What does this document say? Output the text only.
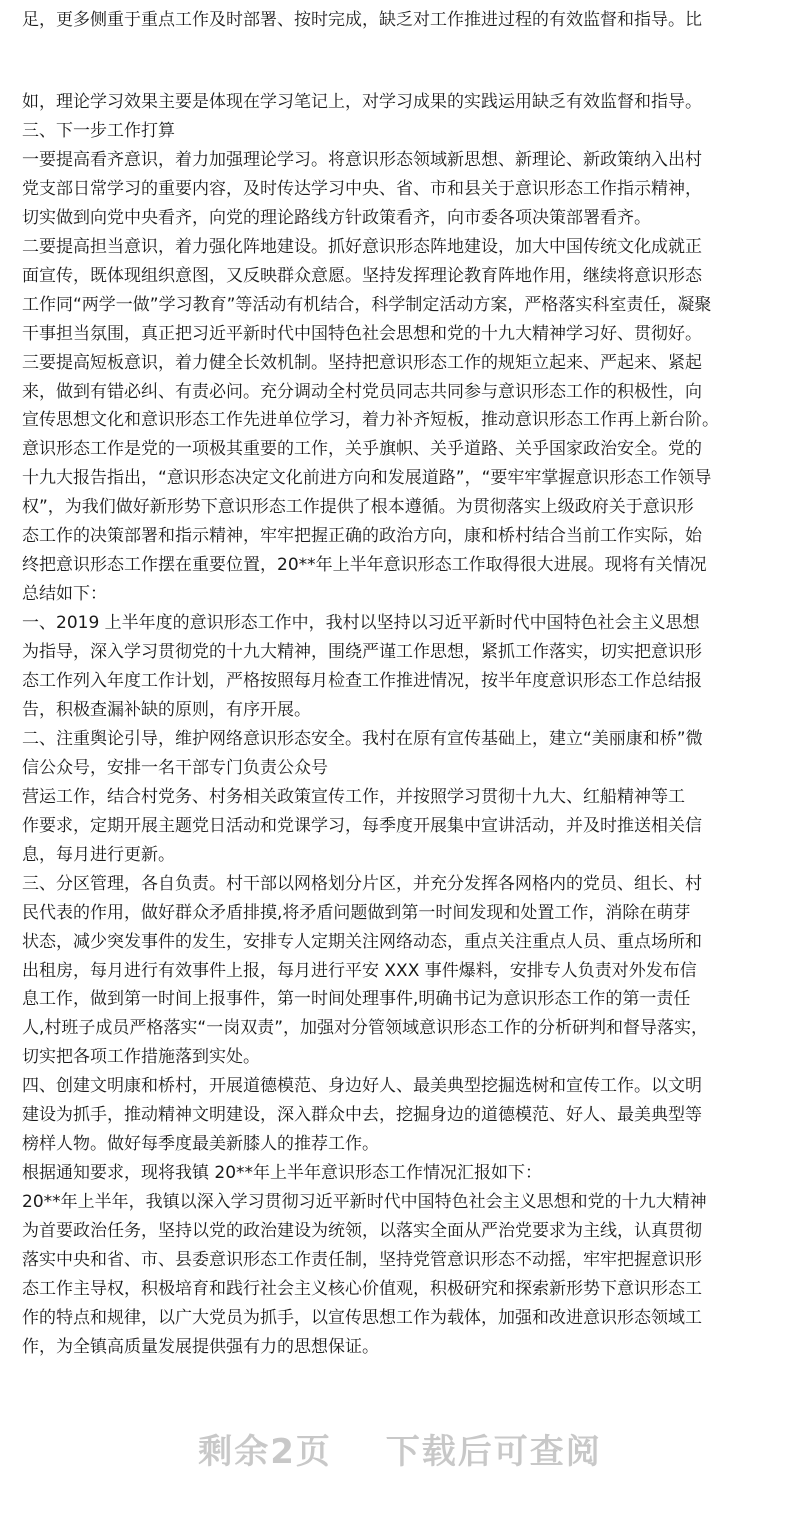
足，更多侧重于重点工作及时部署、按时完成，缺乏对工作推进过程的有效监督和指导。比
如，理论学习效果主要是体现在学习笔记上，对学习成果的实践运用缺乏有效监督和指导。
三、下一步工作打算
一要提高看齐意识，着力加强理论学习。将意识形态领域新思想、新理论、新政策纳入出村
党支部日常学习的重要内容，及时传达学习中央、省、市和县关于意识形态工作指示精神，
切实做到向党中央看齐，向党的理论路线方针政策看齐，向市委各项决策部署看齐。
二要提高担当意识，着力强化阵地建设。抓好意识形态阵地建设，加大中国传统文化成就正
面宣传，既体现组织意图，又反映群众意愿。坚持发挥理论教育阵地作用，继续将意识形态
工作同“两学一做”学习教育”等活动有机结合，科学制定活动方案，严格落实科室责任，凝聚
干事担当氛围，真正把习近平新时代中国特色社会思想和党的十九大精神学习好、贯彻好。
三要提高短板意识，着力健全长效机制。坚持把意识形态工作的规矩立起来、严起来、紧起
来，做到有错必纠、有责必问。充分调动全村党员同志共同参与意识形态工作的积极性，向
宣传思想文化和意识形态工作先进单位学习，着力补齐短板，推动意识形态工作再上新台阶。
意识形态工作是党的一项极其重要的工作，关乎旗帜、关乎道路、关乎国家政治安全。党的
十九大报告指出，“意识形态决定文化前进方向和发展道路”，“要牢牢掌握意识形态工作领导
权”，为我们做好新形势下意识形态工作提供了根本遵循。为贯彻落实上级政府关于意识形
态工作的决策部署和指示精神，牢牢把握正确的政治方向，康和桥村结合当前工作实际，始
终把意识形态工作摆在重要位置，20**年上半年意识形态工作取得很大进展。现将有关情况
总结如下：
一、2019 上半年度的意识形态工作中，我村以坚持以习近平新时代中国特色社会主义思想
为指导，深入学习贯彻党的十九大精神，围绕严谨工作思想，紧抓工作落实，切实把意识形
态工作列入年度工作计划，严格按照每月检查工作推进情况，按半年度意识形态工作总结报
告，积极查漏补缺的原则，有序开展。
二、注重舆论引导，维护网络意识形态安全。我村在原有宣传基础上，建立“美丽康和桥”微
信公众号，安排一名干部专门负责公众号
营运工作，结合村党务、村务相关政策宣传工作，并按照学习贯彻十九大、红船精神等工
作要求，定期开展主题党日活动和党课学习，每季度开展集中宣讲活动，并及时推送相关信
息，每月进行更新。
三、分区管理，各自负责。村干部以网格划分片区，并充分发挥各网格内的党员、组长、村
民代表的作用，做好群众矛盾排摸,将矛盾问题做到第一时间发现和处置工作，消除在萌芽
状态，减少突发事件的发生，安排专人定期关注网络动态，重点关注重点人员、重点场所和
出租房，每月进行有效事件上报，每月进行平安 XXX 事件爆料，安排专人负责对外发布信
息工作，做到第一时间上报事件，第一时间处理事件,明确书记为意识形态工作的第一责任
人,村班子成员严格落实“一岗双责”，加强对分管领域意识形态工作的分析研判和督导落实，
切实把各项工作措施落到实处。
四、创建文明康和桥村，开展道德模范、身边好人、最美典型挖掘选树和宣传工作。以文明
建设为抓手，推动精神文明建设，深入群众中去，挖掘身边的道德模范、好人、最美典型等
榜样人物。做好每季度最美新膝人的推荐工作。
根据通知要求，现将我镇 20**年上半年意识形态工作情况汇报如下：
20**年上半年，我镇以深入学习贯彻习近平新时代中国特色社会主义思想和党的十九大精神
为首要政治任务，坚持以党的政治建设为统领，以落实全面从严治党要求为主线，认真贯彻
落实中央和省、市、县委意识形态工作责任制，坚持党管意识形态不动摇，牢牢把握意识形
态工作主导权，积极培育和践行社会主义核心价值观，积极研究和探索新形势下意识形态工
作的特点和规律，以广大党员为抓手，以宣传思想工作为载体，加强和改进意识形态领域工
作，为全镇高质量发展提供强有力的思想保证。
剩余2页 下载后可查阅
